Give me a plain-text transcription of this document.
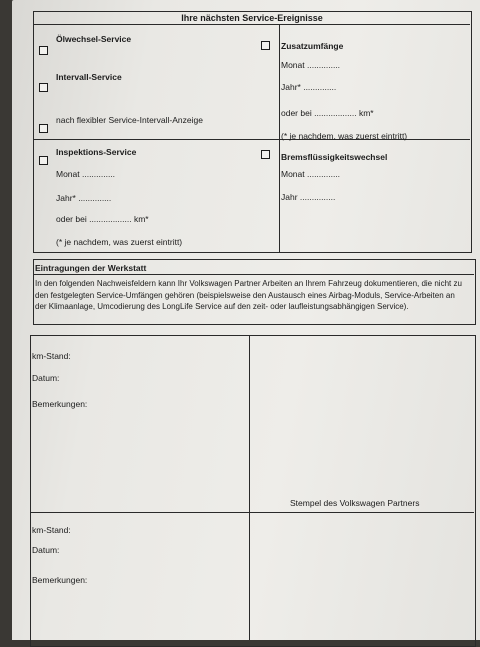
Ihre nächsten Service-Ereignisse
Ölwechsel-Service
Intervall-Service
nach flexibler Service-Intervall-Anzeige
Inspektions-Service
Monat ..............
Jahr* ..............
oder bei .................. km*
(* je nachdem, was zuerst eintritt)
Zusatzumfänge
Monat ..............
Jahr* ..............
oder bei .................. km*
(* je nachdem, was zuerst eintritt)
Bremsflüssigkeitswechsel
Monat ..............
Jahr ...............
Eintragungen der Werkstatt
In den folgenden Nachweisfeldern kann Ihr Volkswagen Partner Arbeiten an Ihrem Fahrzeug dokumentieren, die nicht zu den festgelegten Service-Umfängen gehören (beispielsweise den Austausch eines Airbag-Moduls, Service-Arbeiten an der Klimaanlage, Umcodierung des LongLife Service auf den zeit- oder laufleistungsabhängigen Service).
km-Stand:
Datum:
Bemerkungen:
Stempel des Volkswagen Partners
km-Stand:
Datum:
Bemerkungen:
